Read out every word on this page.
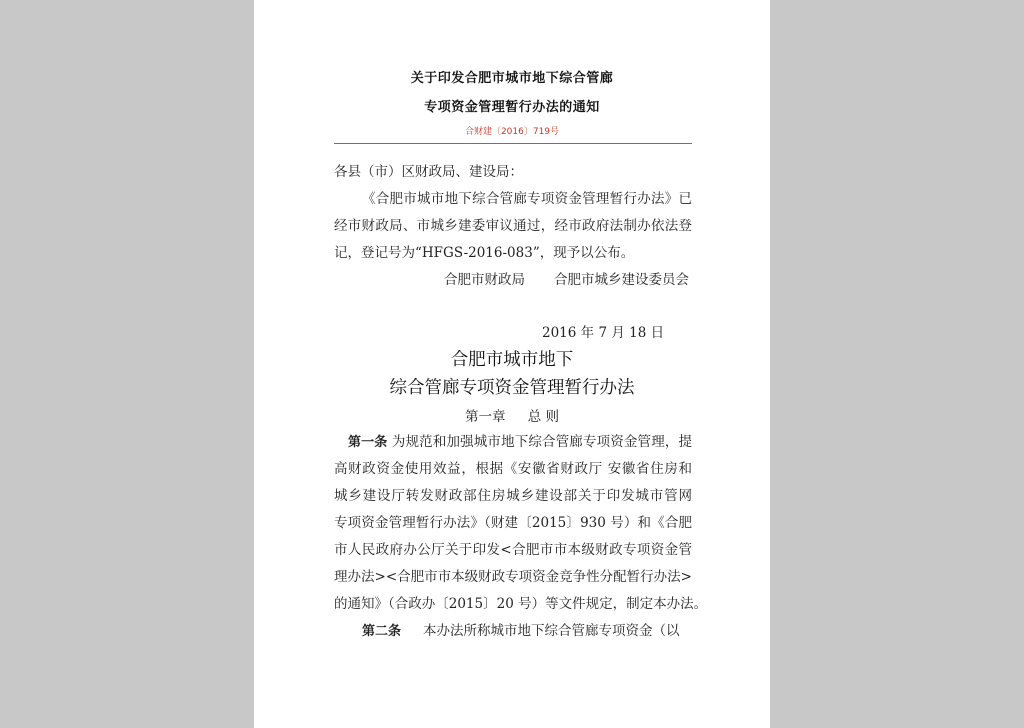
关于印发合肥市城市地下综合管廊
专项资金管理暂行办法的通知
合财建〔2016〕719号
各县（市）区财政局、建设局：
《合肥市城市地下综合管廊专项资金管理暂行办法》已
经市财政局、市城乡建委审议通过，经市政府法制办依法登
记，登记号为“HFGS-2016-083”，现予以公布。
合肥市财政局 合肥市城乡建设委员会
2016 年 7 月 18 日
合肥市城市地下
综合管廊专项资金管理暂行办法
第一章 总 则
第一条 为规范和加强城市地下综合管廊专项资金管理，提
高财政资金使用效益，根据《安徽省财政厅 安徽省住房和
城乡建设厅转发财政部住房城乡建设部关于印发城市管网
专项资金管理暂行办法》（财建〔2015〕930 号）和《合肥
市人民政府办公厅关于印发<合肥市市本级财政专项资金管
理办法><合肥市市本级财政专项资金竞争性分配暂行办法>
的通知》（合政办〔2015〕20 号）等文件规定，制定本办法。
第二条 本办法所称城市地下综合管廊专项资金（以
